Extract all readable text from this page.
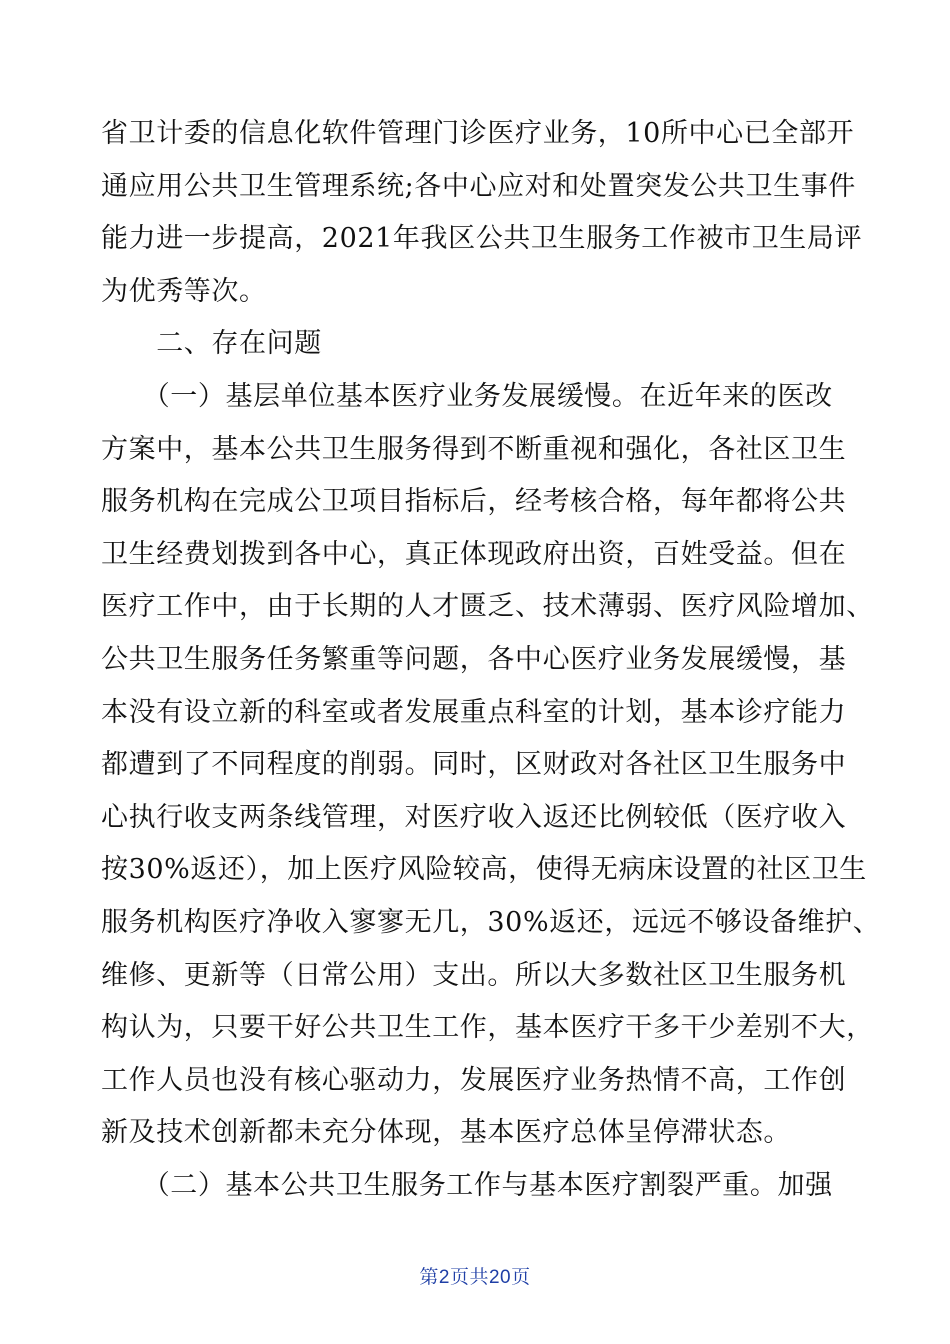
省卫计委的信息化软件管理门诊医疗业务，10所中心已全部开
通应用公共卫生管理系统;各中心应对和处置突发公共卫生事件
能力进一步提高，2021年我区公共卫生服务工作被市卫生局评
为优秀等次。
　　二、存在问题
　　（一）基层单位基本医疗业务发展缓慢。在近年来的医改
方案中，基本公共卫生服务得到不断重视和强化，各社区卫生
服务机构在完成公卫项目指标后，经考核合格，每年都将公共
卫生经费划拨到各中心，真正体现政府出资，百姓受益。但在
医疗工作中，由于长期的人才匮乏、技术薄弱、医疗风险增加、
公共卫生服务任务繁重等问题，各中心医疗业务发展缓慢，基
本没有设立新的科室或者发展重点科室的计划，基本诊疗能力
都遭到了不同程度的削弱。同时，区财政对各社区卫生服务中
心执行收支两条线管理，对医疗收入返还比例较低（医疗收入
按30%返还），加上医疗风险较高，使得无病床设置的社区卫生
服务机构医疗净收入寥寥无几，30%返还，远远不够设备维护、
维修、更新等（日常公用）支出。所以大多数社区卫生服务机
构认为，只要干好公共卫生工作，基本医疗干多干少差别不大，
工作人员也没有核心驱动力，发展医疗业务热情不高，工作创
新及技术创新都未充分体现，基本医疗总体呈停滞状态。
　　（二）基本公共卫生服务工作与基本医疗割裂严重。加强
第2页共20页
